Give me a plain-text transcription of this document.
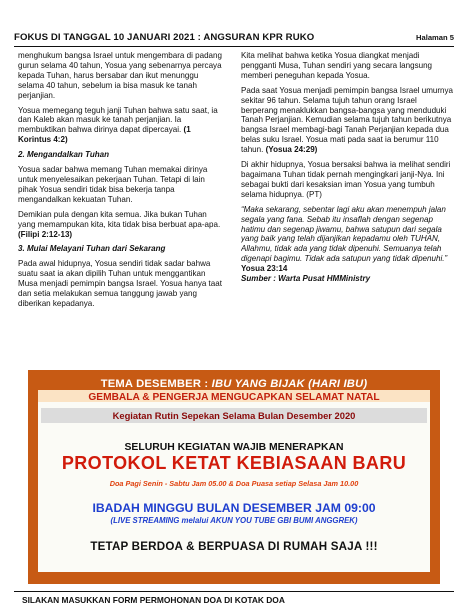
FOKUS DI TANGGAL 10 JANUARI 2021 : ANGSURAN KPR RUKO	Halaman 5

menghukum bangsa Israel untuk mengembara di padang gurun selama 40 tahun, Yosua yang sebenarnya percaya kepada Tuhan, harus bersabar dan ikut menunggu selama 40 tahun, sebelum ia bisa masuk ke tanah perjanjian.

Yosua memegang teguh janji Tuhan bahwa satu saat, ia dan Kaleb akan masuk ke tanah perjanjian. Ia membuktikan bahwa dirinya dapat dipercayai. (1 Korintus 4:2)

2. Mengandalkan Tuhan

Yosua sadar bahwa memang Tuhan memakai dirinya untuk menyelesaikan pekerjaan Tuhan. Tetapi di lain pihak Yosua sendiri tidak bisa bekerja tanpa mengandalkan kekuatan Tuhan.

Demikian pula dengan kita semua. Jika bukan Tuhan yang memampukan kita, kita tidak bisa berbuat apa-apa. (Filipi 2:12-13)

3. Mulai Melayani Tuhan dari Sekarang

Pada awal hidupnya, Yosua sendiri tidak sadar bahwa suatu saat ia akan dipilih Tuhan untuk menggantikan Musa menjadi pemimpin bangsa Israel. Yosua hanya taat dan setia melakukan semua tanggung jawab yang diberikan kepadanya.

Kita melihat bahwa ketika Yosua diangkat menjadi pengganti Musa, Tuhan sendiri yang secara langsung memberi peneguhan kepada Yosua.

Pada saat Yosua menjadi pemimpin bangsa Israel umurnya sekitar 96 tahun. Selama tujuh tahun orang Israel berperang menaklukkan bangsa-bangsa yang menduduki Tanah Perjanjian. Kemudian selama tujuh tahun berikutnya bangsa Israel membagi-bagi Tanah Perjanjian kepada dua belas suku Israel. Yosua mati pada saat ia berumur 110 tahun. (Yosua 24:29)

Di akhir hidupnya, Yosua bersaksi bahwa ia melihat sendiri bagaimana Tuhan tidak pernah mengingkari janji-Nya. Ini sebagai bukti dari kesaksian iman Yosua yang tumbuh selama hidupnya. (PT)

“Maka sekarang, sebentar lagi aku akan menempuh jalan segala yang fana. Sebab itu insaflah dengan segenap hatimu dan segenap jiwamu, bahwa satupun dari segala yang baik yang telah dijanjikan kepadamu oleh TUHAN, Allahmu, tidak ada yang tidak dipenuhi. Semuanya telah digenapi bagimu. Tidak ada satupun yang tidak dipenuhi.” Yosua 23:14

Sumber : Warta Pusat HMMinistry

TEMA DESEMBER : IBU YANG BIJAK (HARI IBU)
GEMBALA & PENGERJA MENGUCAPKAN SELAMAT NATAL
Kegiatan Rutin Sepekan Selama Bulan Desember 2020
SELURUH KEGIATAN WAJIB MENERAPKAN
PROTOKOL KETAT KEBIASAAN BARU
Doa Pagi Senin - Sabtu Jam 05.00 & Doa Puasa setiap Selasa Jam 10.00
IBADAH MINGGU BULAN DESEMBER JAM 09:00
(LIVE STREAMING melalui AKUN YOU TUBE GBI BUMI ANGGREK)
TETAP BERDOA & BERPUASA DI RUMAH SAJA !!!
SILAKAN MASUKKAN FORM PERMOHONAN DOA DI KOTAK DOA
